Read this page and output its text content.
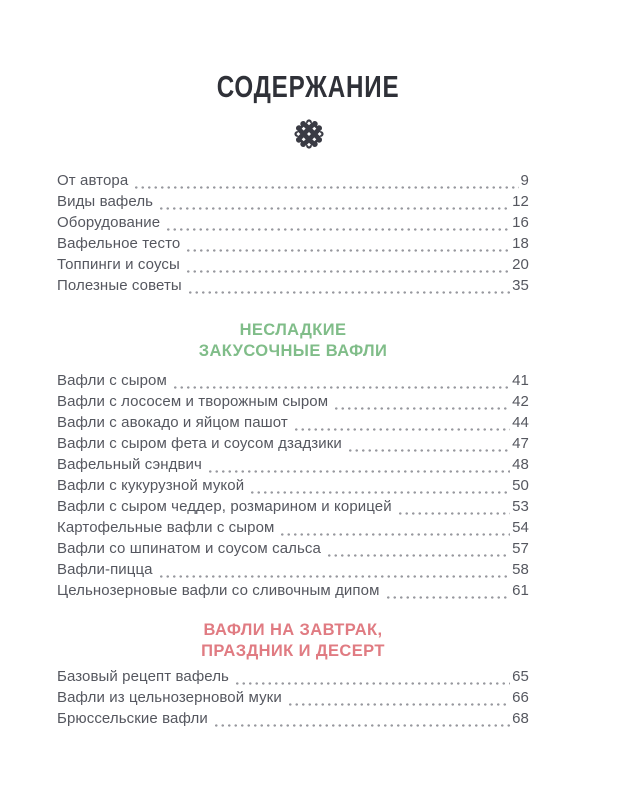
СОДЕРЖАНИЕ
От автора	9
Виды вафель	12
Оборудование	16
Вафельное тесто	18
Топпинги и соусы	20
Полезные советы	35
НЕСЛАДКИЕ
ЗАКУСОЧНЫЕ ВАФЛИ
Вафли с сыром	41
Вафли с лососем и творожным сыром	42
Вафли с авокадо и яйцом пашот	44
Вафли с сыром фета и соусом дзадзики	47
Вафельный сэндвич	48
Вафли с кукурузной мукой	50
Вафли с сыром чеддер, розмарином и корицей	53
Картофельные вафли с сыром	54
Вафли со шпинатом и соусом сальса	57
Вафли-пицца	58
Цельнозерновые вафли со сливочным дипом	61
ВАФЛИ НА ЗАВТРАК,
ПРАЗДНИК И ДЕСЕРТ
Базовый рецепт вафель	65
Вафли из цельнозерновой муки	66
Брюссельские вафли	68
